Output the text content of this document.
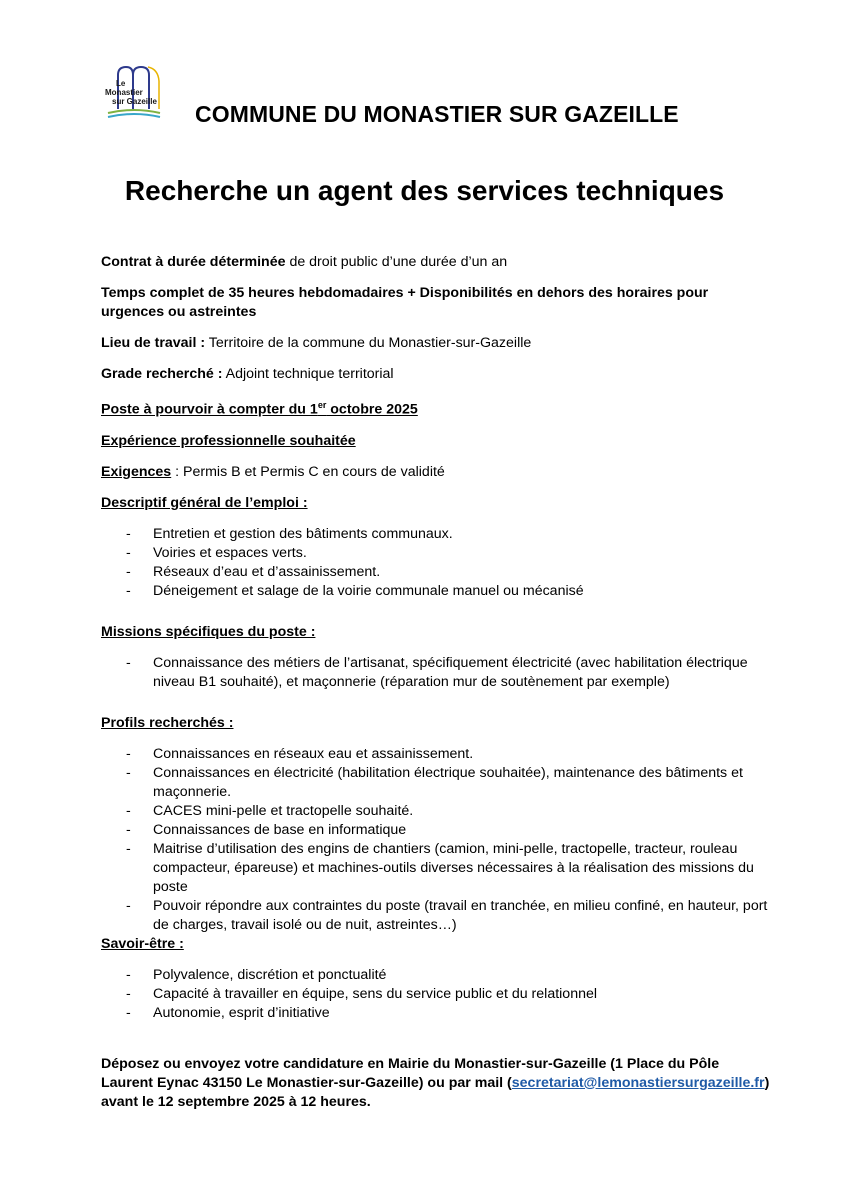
Le
Monastier
sur Gazeille COMMUNE DU MONASTIER SUR GAZEILLE
Recherche un agent des services techniques

Contrat à durée déterminée de droit public d’une durée d’un an

Temps complet de 35 heures hebdomadaires + Disponibilités en dehors des horaires pour urgences ou astreintes

Lieu de travail : Territoire de la commune du Monastier-sur-Gazeille

Grade recherché : Adjoint technique territorial

Poste à pourvoir à compter du 1er octobre 2025

Expérience professionnelle souhaitée

Exigences : Permis B et Permis C en cours de validité

Descriptif général de l’emploi :

- Entretien et gestion des bâtiments communaux.
- Voiries et espaces verts.
- Réseaux d’eau et d’assainissement.
- Déneigement et salage de la voirie communale manuel ou mécanisé

Missions spécifiques du poste :

- Connaissance des métiers de l’artisanat, spécifiquement électricité (avec habilitation électrique niveau B1 souhaité), et maçonnerie (réparation mur de soutènement par exemple)

Profils recherchés :

- Connaissances en réseaux eau et assainissement.
- Connaissances en électricité (habilitation électrique souhaitée), maintenance des bâtiments et maçonnerie.
- CACES mini-pelle et tractopelle souhaité.
- Connaissances de base en informatique
- Maitrise d’utilisation des engins de chantiers (camion, mini-pelle, tractopelle, tracteur, rouleau compacteur, épareuse) et machines-outils diverses nécessaires à la réalisation des missions du poste
- Pouvoir répondre aux contraintes du poste (travail en tranchée, en milieu confiné, en hauteur, port de charges, travail isolé ou de nuit, astreintes…)

Savoir-être :

- Polyvalence, discrétion et ponctualité
- Capacité à travailler en équipe, sens du service public et du relationnel
- Autonomie, esprit d’initiative

Déposez ou envoyez votre candidature en Mairie du Monastier-sur-Gazeille (1 Place du Pôle Laurent Eynac 43150 Le Monastier-sur-Gazeille) ou par mail (secretariat@lemonastiersurgazeille.fr) avant le 12 septembre 2025 à 12 heures.
